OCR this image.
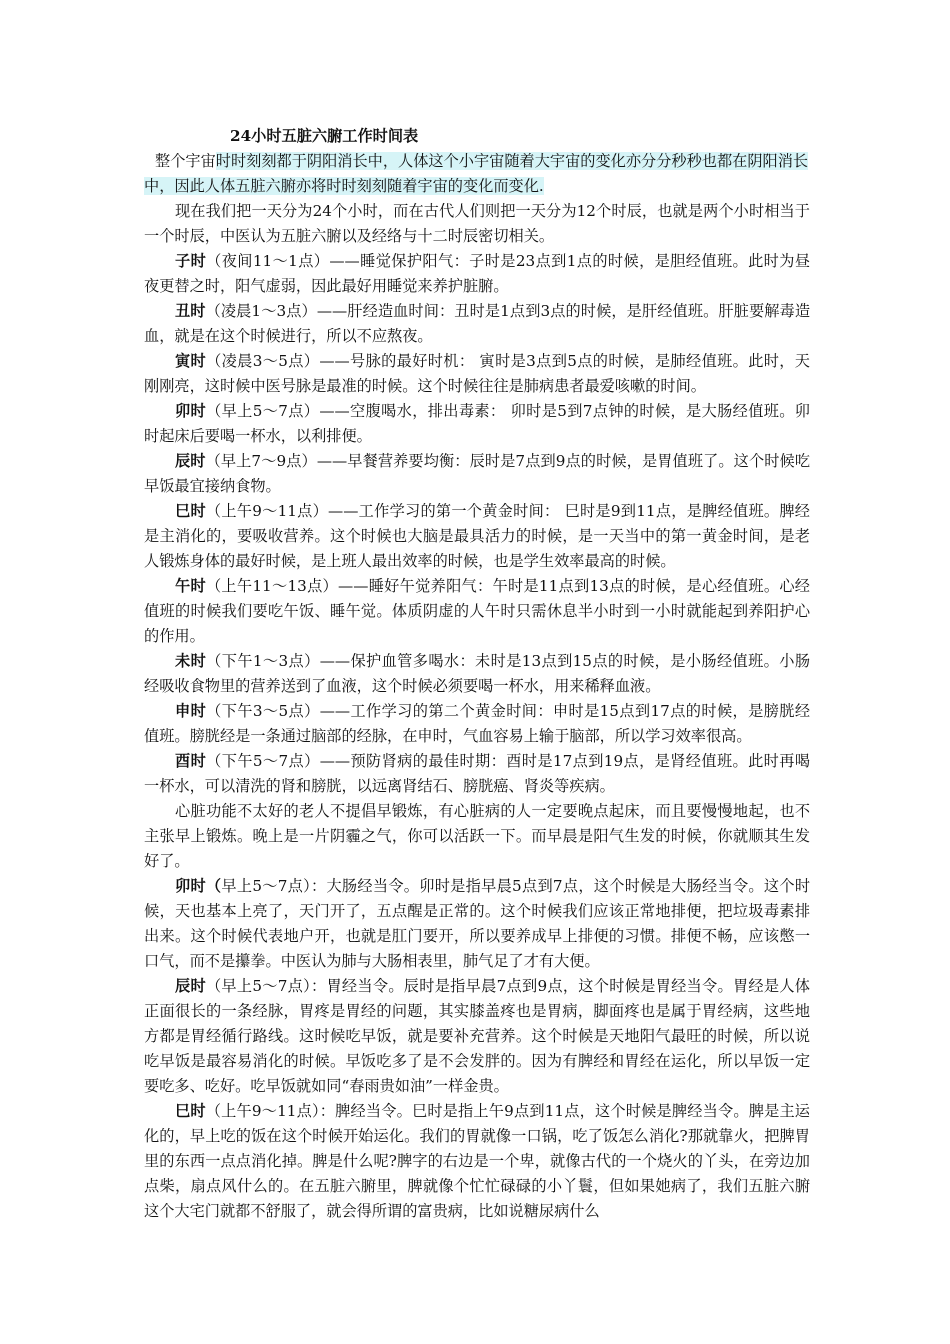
24小时五脏六腑工作时间表

整个宇宙时时刻刻都于阴阳消长中，人体这个小宇宙随着大宇宙的变化亦分分秒秒也都在阴阳消长中，因此人体五脏六腑亦将时时刻刻随着宇宙的变化而变化.

现在我们把一天分为24个小时，而在古代人们则把一天分为12个时辰，也就是两个小时相当于一个时辰，中医认为五脏六腑以及经络与十二时辰密切相关。

子时（夜间11～1点）——睡觉保护阳气：子时是23点到1点的时候，是胆经值班。此时为昼夜更替之时，阳气虚弱，因此最好用睡觉来养护脏腑。

丑时（凌晨1～3点）——肝经造血时间：丑时是1点到3点的时候，是肝经值班。肝脏要解毒造血，就是在这个时候进行，所以不应熬夜。

寅时（凌晨3～5点）——号脉的最好时机： 寅时是3点到5点的时候，是肺经值班。此时，天刚刚亮，这时候中医号脉是最准的时候。这个时候往往是肺病患者最爱咳嗽的时间。

卯时（早上5～7点）——空腹喝水，排出毒素： 卯时是5到7点钟的时候，是大肠经值班。卯时起床后要喝一杯水，以利排便。

辰时（早上7～9点）——早餐营养要均衡：辰时是7点到9点的时候，是胃值班了。这个时候吃早饭最宜接纳食物。

巳时（上午9～11点）——工作学习的第一个黄金时间： 巳时是9到11点，是脾经值班。脾经是主消化的，要吸收营养。这个时候也大脑是最具活力的时候，是一天当中的第一黄金时间，是老人锻炼身体的最好时候，是上班人最出效率的时候，也是学生效率最高的时候。

午时（上午11～13点）——睡好午觉养阳气：午时是11点到13点的时候，是心经值班。心经值班的时候我们要吃午饭、睡午觉。体质阴虚的人午时只需休息半小时到一小时就能起到养阳护心的作用。

未时（下午1～3点）——保护血管多喝水：未时是13点到15点的时候，是小肠经值班。小肠经吸收食物里的营养送到了血液，这个时候必须要喝一杯水，用来稀释血液。

申时（下午3～5点）——工作学习的第二个黄金时间：申时是15点到17点的时候，是膀胱经值班。膀胱经是一条通过脑部的经脉，在申时，气血容易上输于脑部，所以学习效率很高。

酉时（下午5～7点）——预防肾病的最佳时期：酉时是17点到19点，是肾经值班。此时再喝一杯水，可以清洗的肾和膀胱，以远离肾结石、膀胱癌、肾炎等疾病。

心脏功能不太好的老人不提倡早锻炼，有心脏病的人一定要晚点起床，而且要慢慢地起，也不主张早上锻炼。晚上是一片阴霾之气，你可以活跃一下。而早晨是阳气生发的时候，你就顺其生发好了。

卯时（早上5～7点）：大肠经当令。卯时是指早晨5点到7点，这个时候是大肠经当令。这个时候，天也基本上亮了，天门开了，五点醒是正常的。这个时候我们应该正常地排便，把垃圾毒素排出来。这个时候代表地户开，也就是肛门要开，所以要养成早上排便的习惯。排便不畅，应该憋一口气，而不是攥拳。中医认为肺与大肠相表里，肺气足了才有大便。

辰时（早上5～7点）：胃经当令。辰时是指早晨7点到9点，这个时候是胃经当令。胃经是人体正面很长的一条经脉，胃疼是胃经的问题，其实膝盖疼也是胃病，脚面疼也是属于胃经病，这些地方都是胃经循行路线。这时候吃早饭，就是要补充营养。这个时候是天地阳气最旺的时候，所以说吃早饭是最容易消化的时候。早饭吃多了是不会发胖的。因为有脾经和胃经在运化，所以早饭一定要吃多、吃好。吃早饭就如同“春雨贵如油”一样金贵。

巳时（上午9～11点）：脾经当令。巳时是指上午9点到11点，这个时候是脾经当令。脾是主运化的，早上吃的饭在这个时候开始运化。我们的胃就像一口锅，吃了饭怎么消化?那就靠火，把脾胃里的东西一点点消化掉。脾是什么呢?脾字的右边是一个卑，就像古代的一个烧火的丫头，在旁边加点柴，扇点风什么的。在五脏六腑里，脾就像个忙忙碌碌的小丫鬟，但如果她病了，我们五脏六腑这个大宅门就都不舒服了，就会得所谓的富贵病，比如说糖尿病什么
